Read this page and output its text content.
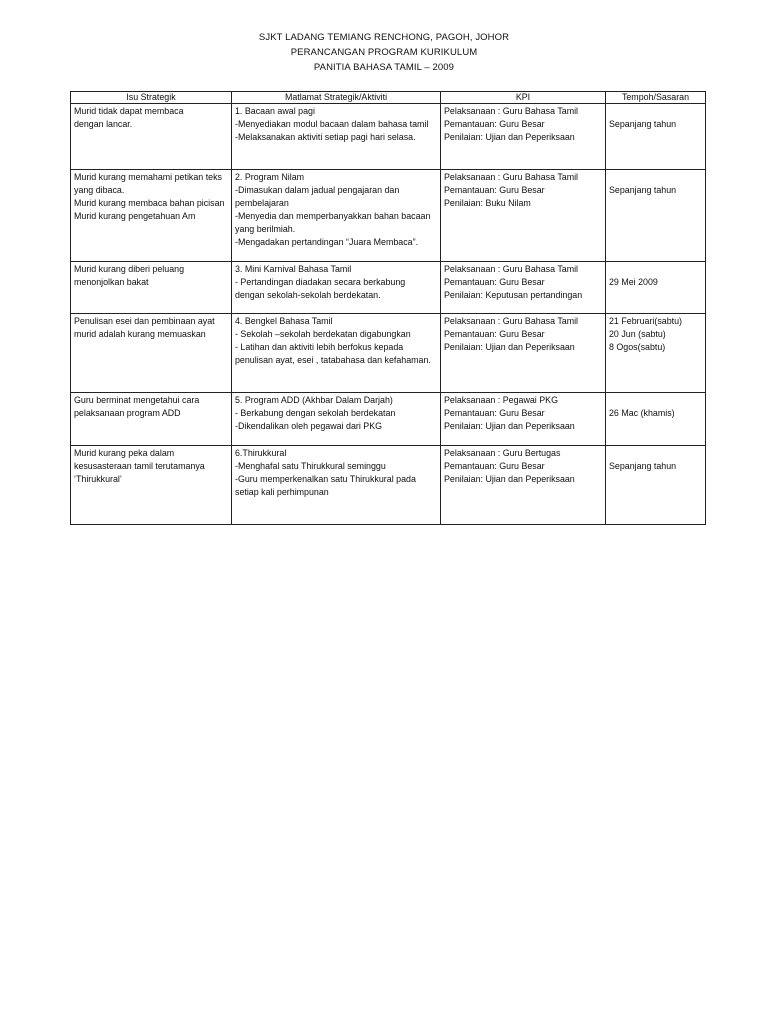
SJKT LADANG TEMIANG RENCHONG, PAGOH, JOHOR
PERANCANGAN PROGRAM KURIKULUM
PANITIA BAHASA TAMIL – 2009
Isu Strategik	Matlamat Strategik/Aktiviti	KPI	Tempoh/Sasaran

Murid tidak dapat membaca
dengan lancar.	1. Bacaan awal pagi
-Menyediakan modul bacaan dalam bahasa tamil
-Melaksanakan aktiviti setiap pagi hari selasa.	Pelaksanaan : Guru Bahasa Tamil
Pemantauan: Guru Besar
Penilaian: Ujian dan Peperiksaan	Sepanjang tahun

Murid kurang memahami petikan teks yang dibaca.
Murid kurang membaca bahan picisan
Murid kurang pengetahuan Am	2. Program Nilam
-Dimasukan dalam jadual pengajaran dan pembelajaran
-Menyedia dan memperbanyakkan bahan bacaan yang berilmiah.
-Mengadakan pertandingan “Juara Membaca”.	Pelaksanaan : Guru Bahasa Tamil
Pemantauan: Guru Besar
Penilaian: Buku Nilam	Sepanjang tahun

Murid kurang diberi peluang menonjolkan bakat	3. Mini Karnival Bahasa Tamil
- Pertandingan diadakan secara berkabung dengan sekolah-sekolah berdekatan.	Pelaksanaan : Guru Bahasa Tamil
Pemantauan: Guru Besar
Penilaian: Keputusan pertandingan	29 Mei 2009

Penulisan esei dan pembinaan ayat murid adalah kurang memuaskan	4. Bengkel Bahasa Tamil
- Sekolah –sekolah berdekatan digabungkan
- Latihan dan aktiviti lebih berfokus kepada penulisan ayat, esei , tatabahasa dan kefahaman.	Pelaksanaan : Guru Bahasa Tamil
Pemantauan: Guru Besar
Penilaian: Ujian dan Peperiksaan	21 Februari(sabtu)
20 Jun (sabtu)
8 Ogos(sabtu)

Guru berminat mengetahui cara pelaksanaan program ADD	5. Program ADD (Akhbar Dalam Darjah)
- Berkabung dengan sekolah berdekatan
-Dikendalikan oleh pegawai dari PKG	Pelaksanaan : Pegawai PKG
Pemantauan: Guru Besar
Penilaian: Ujian dan Peperiksaan	26 Mac (khamis)

Murid kurang peka dalam kesusasteraan tamil terutamanya ‘Thirukkural’	6.Thirukkural
-Menghafal satu Thirukkural seminggu
-Guru memperkenalkan satu Thirukkural pada setiap kali perhimpunan	Pelaksanaan : Guru Bertugas
Pemantauan: Guru Besar
Penilaian: Ujian dan Peperiksaan	Sepanjang tahun
